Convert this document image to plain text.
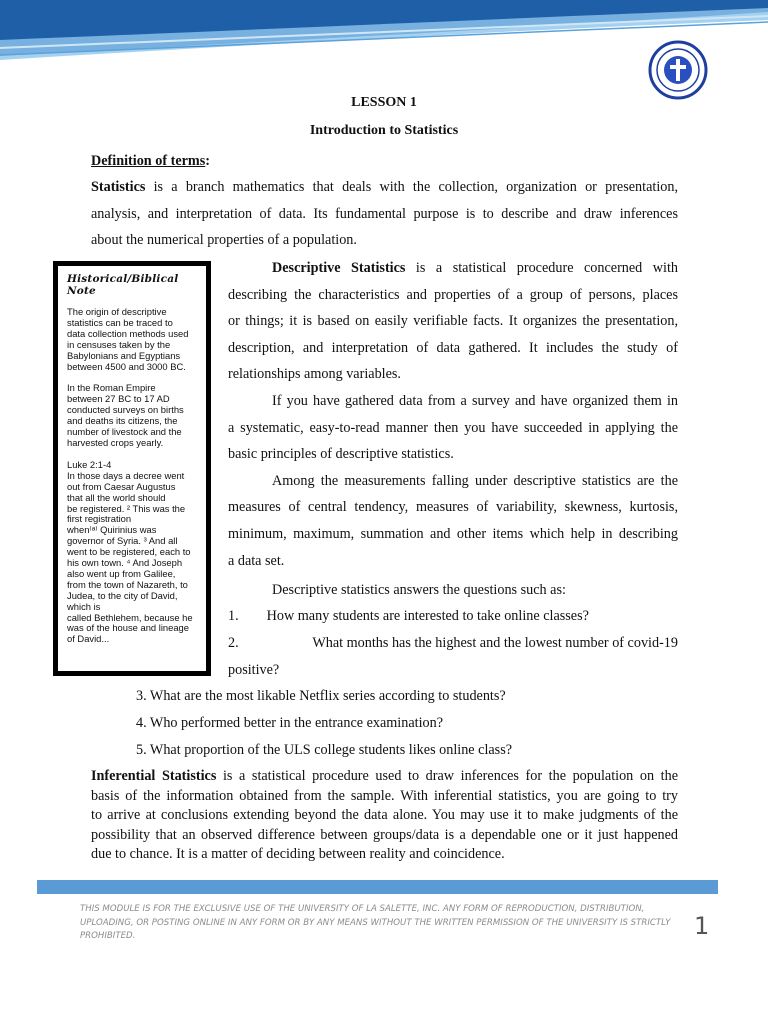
LESSON 1
Introduction to Statistics
Definition of terms:
Statistics is a branch mathematics that deals with the collection, organization or presentation,
analysis, and interpretation of data. Its fundamental purpose is to describe and draw inferences
about the numerical properties of a population.
Historical/Biblical Note

The origin of descriptive
statistics can be traced to
data collection methods used
in censuses taken by the
Babylonians and Egyptians
between 4500 and 3000 BC.

In the Roman Empire
between 27 BC to 17 AD
conducted surveys on births
and deaths its citizens, the
number of livestock and the
harvested crops yearly.

Luke 2:1-4
In those days a decree went
out from Caesar Augustus
that all the world should
be registered. ² This was the
first registration
when⁽ᵃ⁾ Quirinius was
governor of Syria. ³ And all
went to be registered, each to
his own town. ⁴ And Joseph
also went up from Galilee,
from the town of Nazareth, to
Judea, to the city of David,
which is
called Bethlehem, because he
was of the house and lineage
of David...

Descriptive Statistics is a statistical procedure concerned with
describing the characteristics and properties of a group of persons, places
or things; it is based on easily verifiable facts. It organizes the presentation,
description, and interpretation of data gathered. It includes the study of
relationships among variables.
If you have gathered data from a survey and have organized them in
a systematic, easy-to-read manner then you have succeeded in applying the
basic principles of descriptive statistics.
Among the measurements falling under descriptive statistics are the
measures of central tendency, measures of variability, skewness, kurtosis,
minimum, maximum, summation and other items which help in describing
a data set.
Descriptive statistics answers the questions such as:
1. How many students are interested to take online classes?
2.	What months has the highest and the lowest number of covid-19
positive?
3. What are the most likable Netflix series according to students?
4. Who performed better in the entrance examination?
5. What proportion of the ULS college students likes online class?
Inferential Statistics is a statistical procedure used to draw inferences for the population on the
basis of the information obtained from the sample. With inferential statistics, you are going to try
to arrive at conclusions extending beyond the data alone. You may use it to make judgments of the
possibility that an observed difference between groups/data is a dependable one or it just happened
due to chance. It is a matter of deciding between reality and coincidence.
THIS MODULE IS FOR THE EXCLUSIVE USE OF THE UNIVERSITY OF LA SALETTE, INC. ANY FORM OF REPRODUCTION, DISTRIBUTION, UPLOADING, OR POSTING ONLINE IN ANY FORM OR BY ANY MEANS WITHOUT THE WRITTEN PERMISSION OF THE UNIVERSITY IS STRICTLY PROHIBITED.	1
